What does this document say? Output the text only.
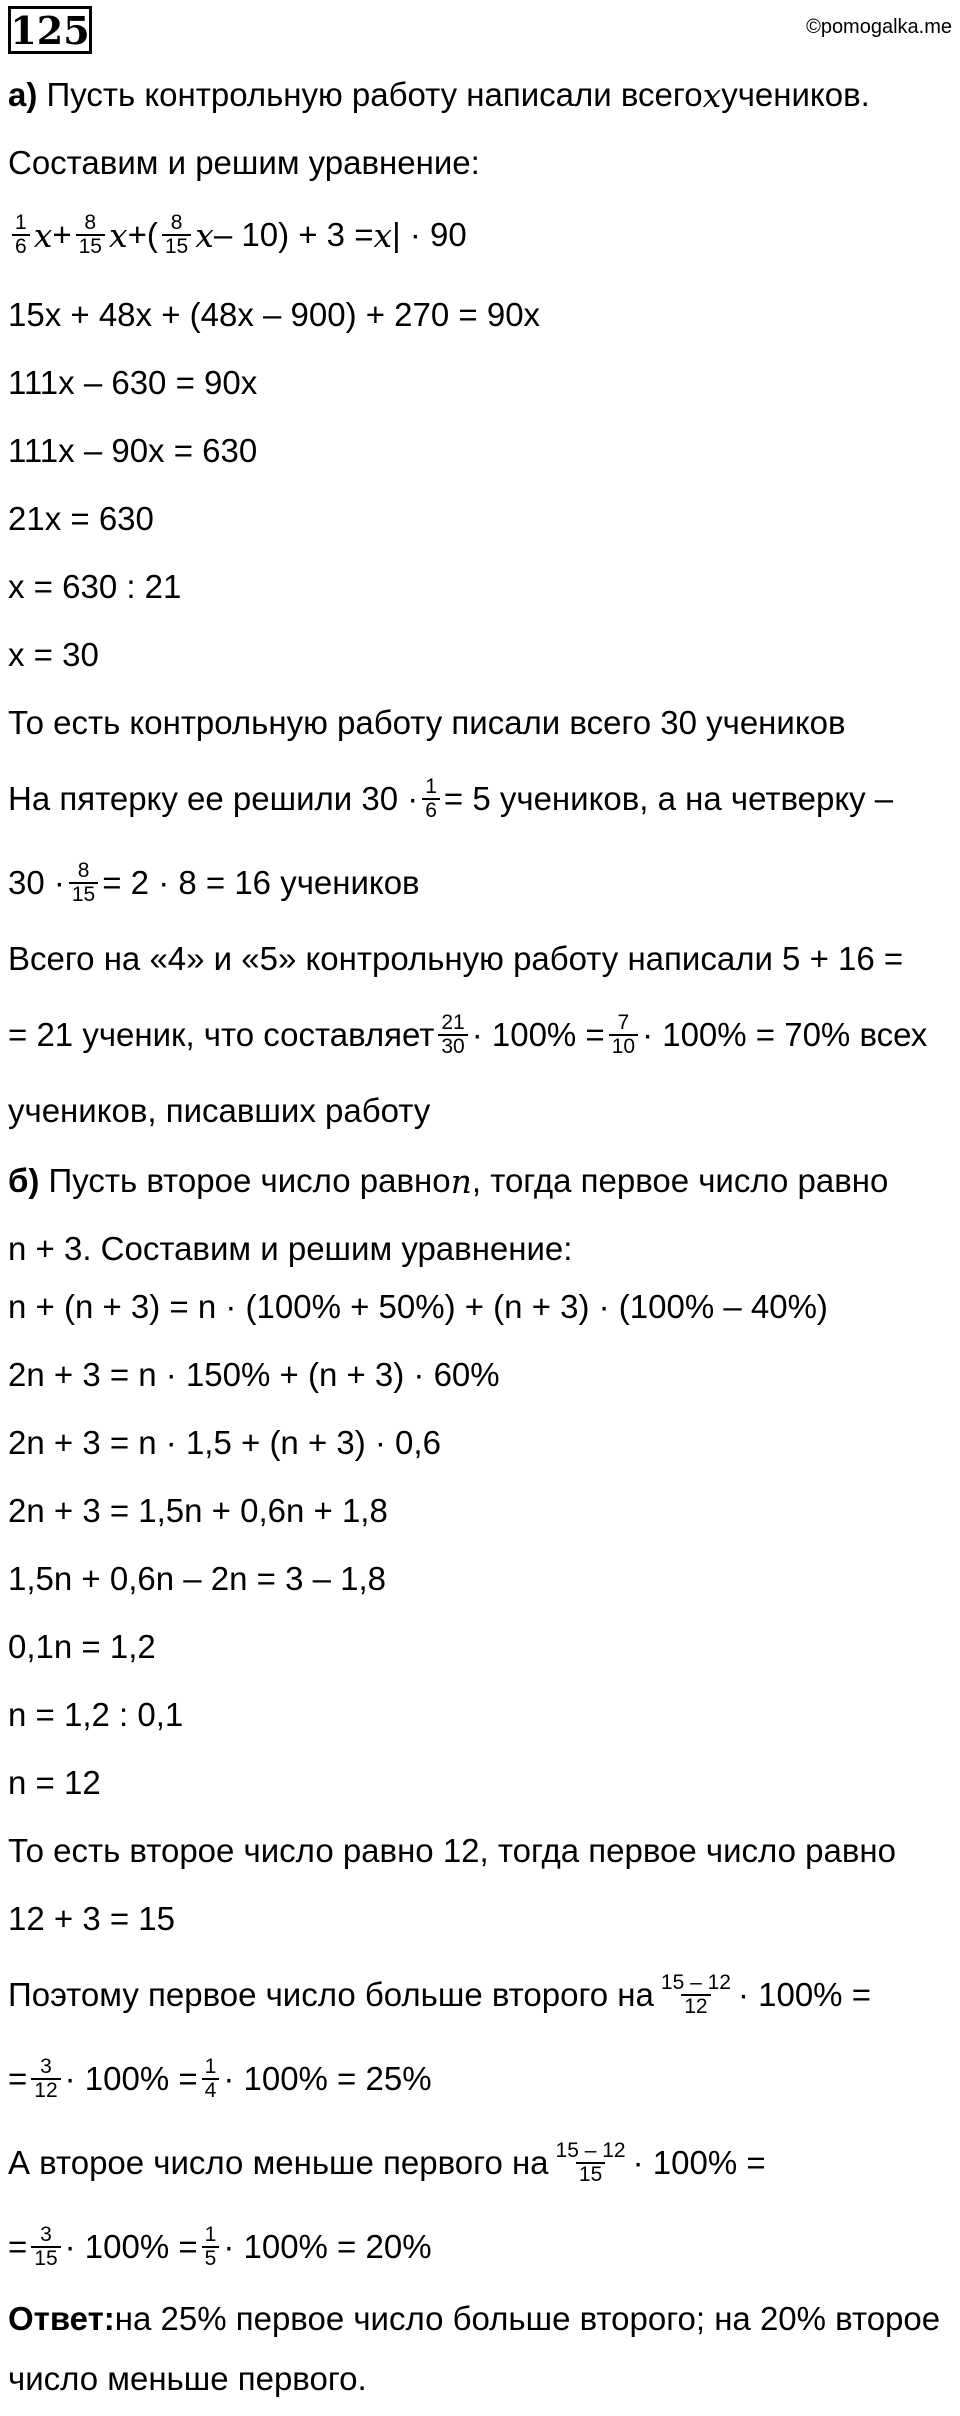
125	©pomogalka.me
а)
Пусть контрольную работу написали всего x учеников.
Составим и решим уравнение:
$\frac{1}{6}$ $x + \frac{8}{15}$ x + ( $\frac{8}{15}$ x – 10) + 3 = x | · 90
15x + 48x + (48x – 900) + 270 = 90x
111x – 630 = 90x
111x – 90x = 630
21x = 630
x = 630 : 21
x = 30
То есть контрольную работу писали всего 30 учеников
На пятерку ее решили $30 \cdot \frac{1}{6} = 5$ учеников, а на четверку –
$30 \cdot \frac{8}{15} = 2 \cdot 8 = 16$ учеников
Всего на «4» и «5» контрольную работу написали 5 + 16 =
= 21 ученик, что составляет $\frac{21}{30} \cdot 100\% = \frac{7}{10} \cdot 100\% = 70\%$ всех
учеников, писавших работу
б)
Пусть второе число равно n , тогда первое число равно
n + 3. Составим и решим уравнение:
n + (n + 3) = n · (100% + 50%) + (n + 3) · (100% – 40%)
2n + 3 = n · 150% + (n + 3) · 60%
2n + 3 = n · 1,5 + (n + 3) · 0,6
2n + 3 = 1,5n + 0,6n + 1,8
1,5n + 0,6n – 2n = 3 – 1,8
0,1n = 1,2
n = 1,2 : 0,1
n = 12
То есть второе число равно 12, тогда первое число равно
12 + 3 = 15
Поэтому первое число больше второго на $\frac{15 - 12}{12} \cdot 100\%$ =
= $\frac{3}{12} \cdot 100\% = \frac{1}{4} \cdot 100\% = 25\%$
А второе число меньше первого на $\frac{15 - 12}{15} \cdot 100\%$ =
= $\frac{3}{15} \cdot 100\% = \frac{1}{5} \cdot 100\% = 20\%$
Ответ: на 25% первое число больше второго; на 20% второе
число меньше первого.
